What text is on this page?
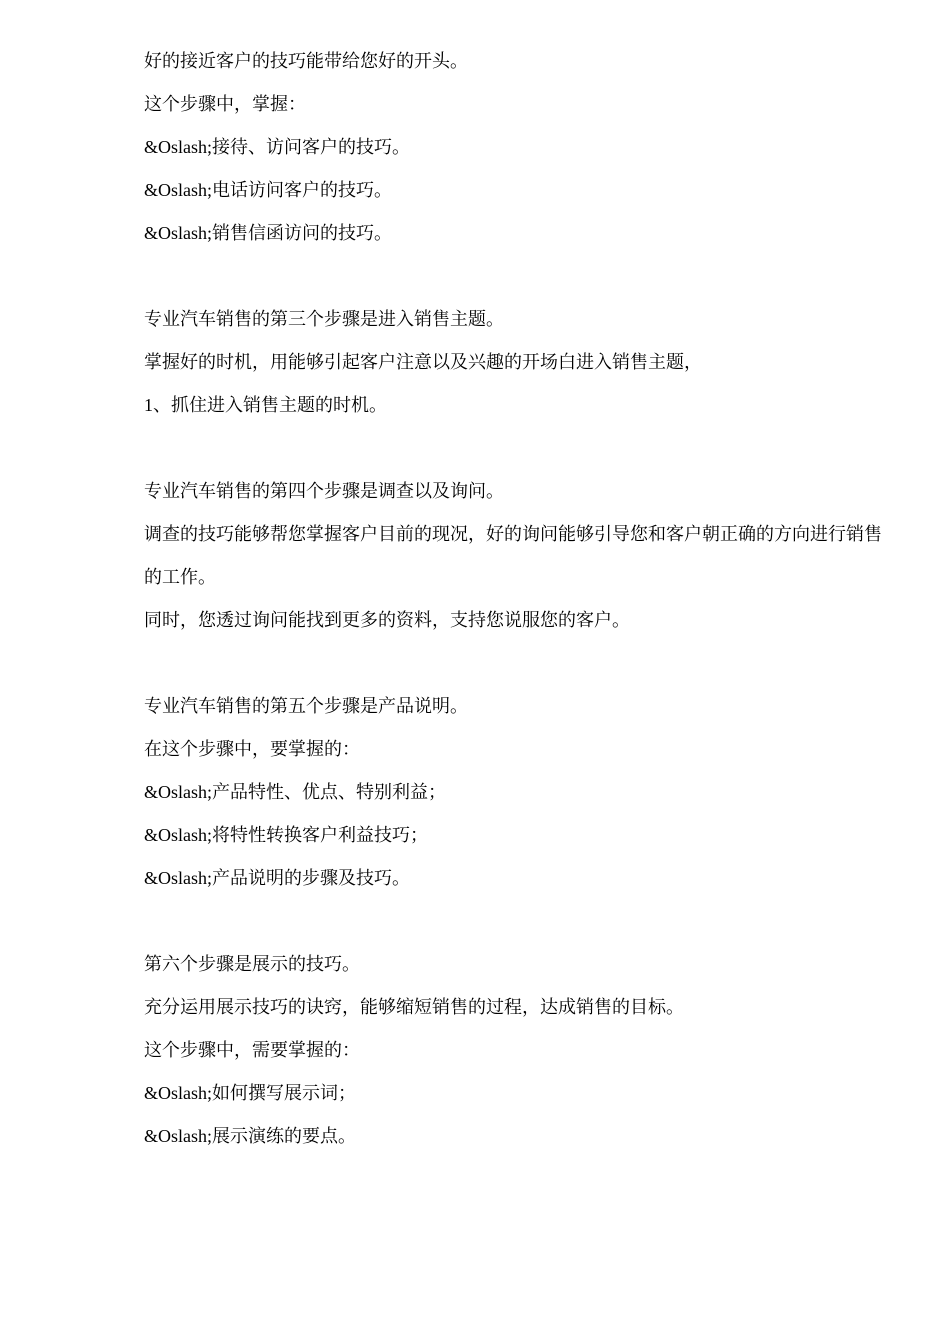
好的接近客户的技巧能带给您好的开头。
这个步骤中，掌握：
&Oslash;接待、访问客户的技巧。
&Oslash;电话访问客户的技巧。
&Oslash;销售信函访问的技巧。
专业汽车销售的第三个步骤是进入销售主题。
掌握好的时机，用能够引起客户注意以及兴趣的开场白进入销售主题，
1、抓住进入销售主题的时机。
专业汽车销售的第四个步骤是调查以及询问。
调查的技巧能够帮您掌握客户目前的现况，好的询问能够引导您和客户朝正确的方向进行销售的工作。
同时，您透过询问能找到更多的资料，支持您说服您的客户。
专业汽车销售的第五个步骤是产品说明。
在这个步骤中，要掌握的：
&Oslash;产品特性、优点、特别利益；
&Oslash;将特性转换客户利益技巧；
&Oslash;产品说明的步骤及技巧。
第六个步骤是展示的技巧。
充分运用展示技巧的诀窍，能够缩短销售的过程，达成销售的目标。
这个步骤中，需要掌握的：
&Oslash;如何撰写展示词；
&Oslash;展示演练的要点。
